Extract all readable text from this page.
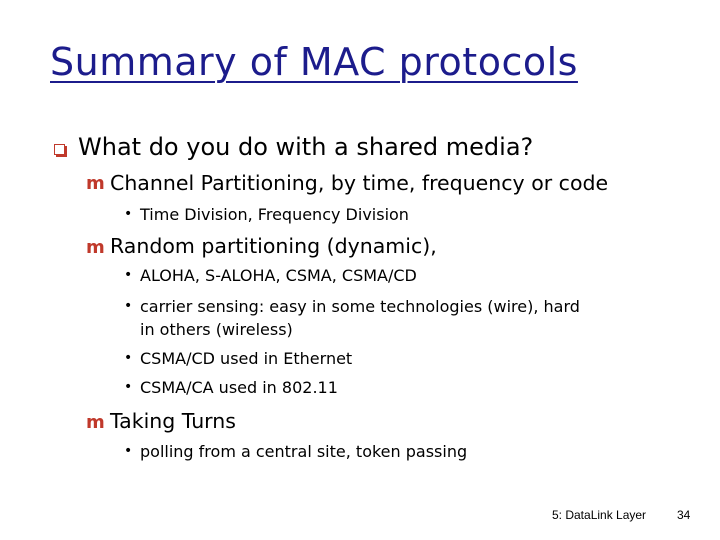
Summary of MAC protocols
What do you do with a shared media?
m Channel Partitioning, by time, frequency or code
• Time Division, Frequency Division
m Random partitioning (dynamic),
• ALOHA, S-ALOHA, CSMA, CSMA/CD
• carrier sensing: easy in some technologies (wire), hard
in others (wireless)
• CSMA/CD used in Ethernet
• CSMA/CA used in 802.11
m Taking Turns
• polling from a central site, token passing
5: DataLink Layer	34
